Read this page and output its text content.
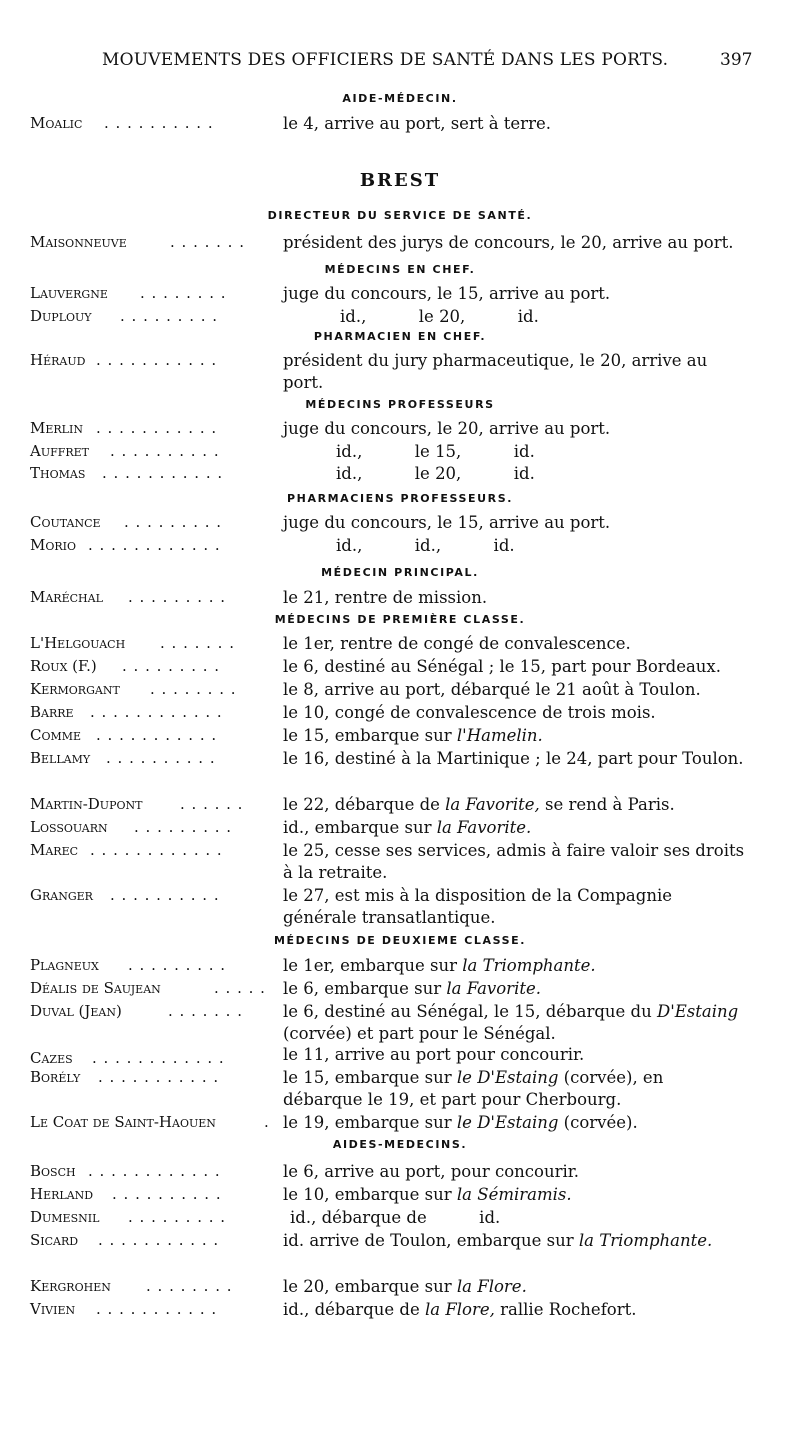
MOUVEMENTS DES OFFICIERS DE SANTÉ DANS LES PORTS.	397
AIDE-MÉDECIN.
Moalic . . . . . . . . . .	le 4, arrive au port, sert à terre.
BREST
DIRECTEUR DU SERVICE DE SANTÉ.
Maisonneuve	. . . . . . . président des jurys de concours, le 20, arrive au port.
MÉDECINS EN CHEF.
Lauvergne . . . . . . . .	juge du concours, le 15, arrive au port.
Duplouy . . . . . . . . .	id.,          le 20,          id.
PHARMACIEN EN CHEF.
Héraud . . . . . . . . . . .	président du jury pharmaceutique, le 20, arrive au port.
MÉDECINS PROFESSEURS
Merlin . . . . . . . . . . .	juge du concours, le 20, arrive au port.
Auffret . . . . . . . . . .	id.,          le 15,          id.
Thomas . . . . . . . . . . .	id.,          le 20,          id.
PHARMACIENS PROFESSEURS.
Coutance . . . . . . . . .	juge du concours, le 15, arrive au port.
Morio . . . . . . . . . . . .	id.,          id.,          id.
MÉDECIN PRINCIPAL.
Maréchal . . . . . . . . .	le 21, rentre de mission.
MÉDECINS DE PREMIÈRE CLASSE.
L'Helgouach . . . . . . .	le 1er, rentre de congé de convalescence.
Roux (F.) . . . . . . . . .	le 6, destiné au Sénégal ; le 15, part pour Bordeaux.
Kermorgant . . . . . . . .	le 8, arrive au port, débarqué le 21 août à Toulon.
Barre . . . . . . . . . . . .	le 10, congé de convalescence de trois mois.
Comme . . . . . . . . . . .	le 15, embarque sur l'Hamelin.
Bellamy . . . . . . . . . .	le 16, destiné à la Martinique ; le 24, part pour Toulon.
Martin-Dupont	. . . . . . le 22, débarque de la Favorite, se rend à Paris.
Lossouarn . . . . . . . . .	id., embarque sur la Favorite.
Marec . . . . . . . . . . . .	le 25, cesse ses services, admis à faire valoir ses droits à la retraite.
Granger . . . . . . . . . .	le 27, est mis à la disposition de la Compagnie générale transatlantique.
MÉDECINS DE DEUXIEME CLASSE.
Plagneux . . . . . . . . .	le 1er, embarque sur la Triomphante.
Déalis de Saujean	. . . . . le 6, embarque sur la Favorite.
Duval (Jean)	. . . . . . . le 6, destiné au Sénégal, le 15, débarque du D'Estaing (corvée) et part pour le Sénégal.
Cazes . . . . . . . . . . . .	le 11, arrive au port pour concourir.
Borély . . . . . . . . . . .	le 15, embarque sur le D'Estaing (corvée), en débarque le 19, et part pour Cherbourg.
Le Coat de Saint-Haouen	. le 19, embarque sur le D'Estaing (corvée).
AIDES-MEDECINS.
Bosch . . . . . . . . . . . .	le 6, arrive au port, pour concourir.
Herland . . . . . . . . . .	le 10, embarque sur la Sémiramis.
Dumesnil . . . . . . . . .	id., débarque de          id.
Sicard . . . . . . . . . . .	id. arrive de Toulon, embarque sur la Triomphante.
Kergrohen . . . . . . . .	le 20, embarque sur la Flore.
Vivien . . . . . . . . . . .	id., débarque de la Flore, rallie Rochefort.
